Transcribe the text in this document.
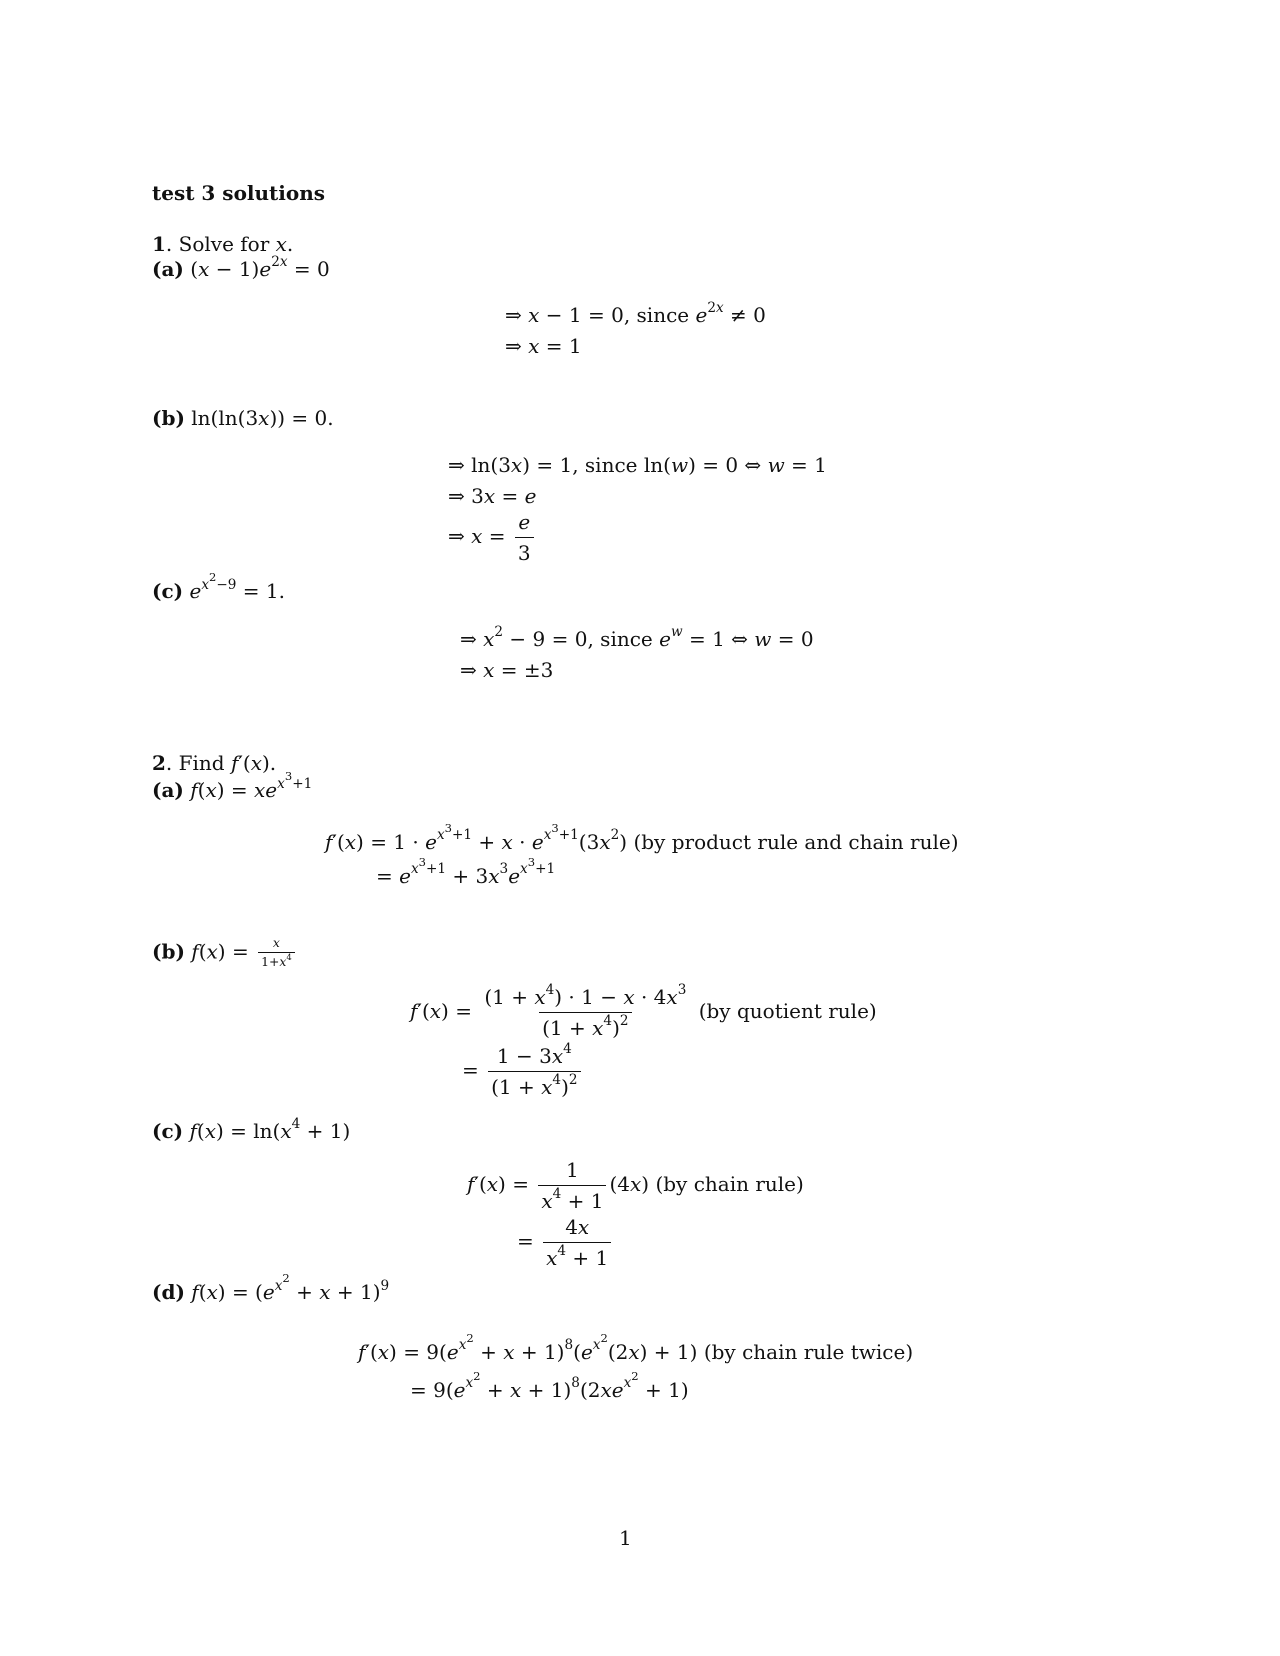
test 3 solutions
1. Solve for x.
(a) $(x - 1)e^{2x} = 0$
⇒ x − 1 = 0, since $e^{2x} \ne 0$
⇒ x = 1
(b) ln(ln(3x)) = 0.
⇒ ln(3x) = 1, since ln(w) = 0 ⇔ w = 1
⇒ 3x = e
⇒ $x = \frac{e}{3}$
(c) $e^{x^2-9} = 1$.
⇒ $x^2 - 9 = 0$, since $e^w = 1$ ⇔ w = 0
⇒ x = ±3
2. Find f′(x).
(a) $f(x) = xe^{x^3+1}$
$f'(x) = 1 \cdot e^{x^3+1} + x \cdot e^{x^3+1}(3x^2)$ (by product rule and chain rule)
= $e^{x^3+1} + 3x^3e^{x^3+1}$
(b) $f(x) = \frac{x}{1+x^4}$
$f'(x) = \frac{(1 + x^4) \cdot 1 - x \cdot 4x^3}{(1 + x^4)^2} (by$ quotient rule)
= $\frac{1 - 3x^4}{(1 + x^4)^2}$
(c) $f(x) = \ln(x^4 + 1)$
$f'(x) = \frac{1}{x^4 + 1} (4x)$ (by chain rule)
= $\frac{4x}{x^4 + 1}$
(d) $f(x) = (e^{x^2} + x + 1)^9$
$f'(x) = 9(e^{x^2} + x + 1)^8(e^{x^2}(2x) + 1)$ (by chain rule twice)
= $9(e^{x^2} + x + 1)^8(2xe^{x^2} + 1)$
1
